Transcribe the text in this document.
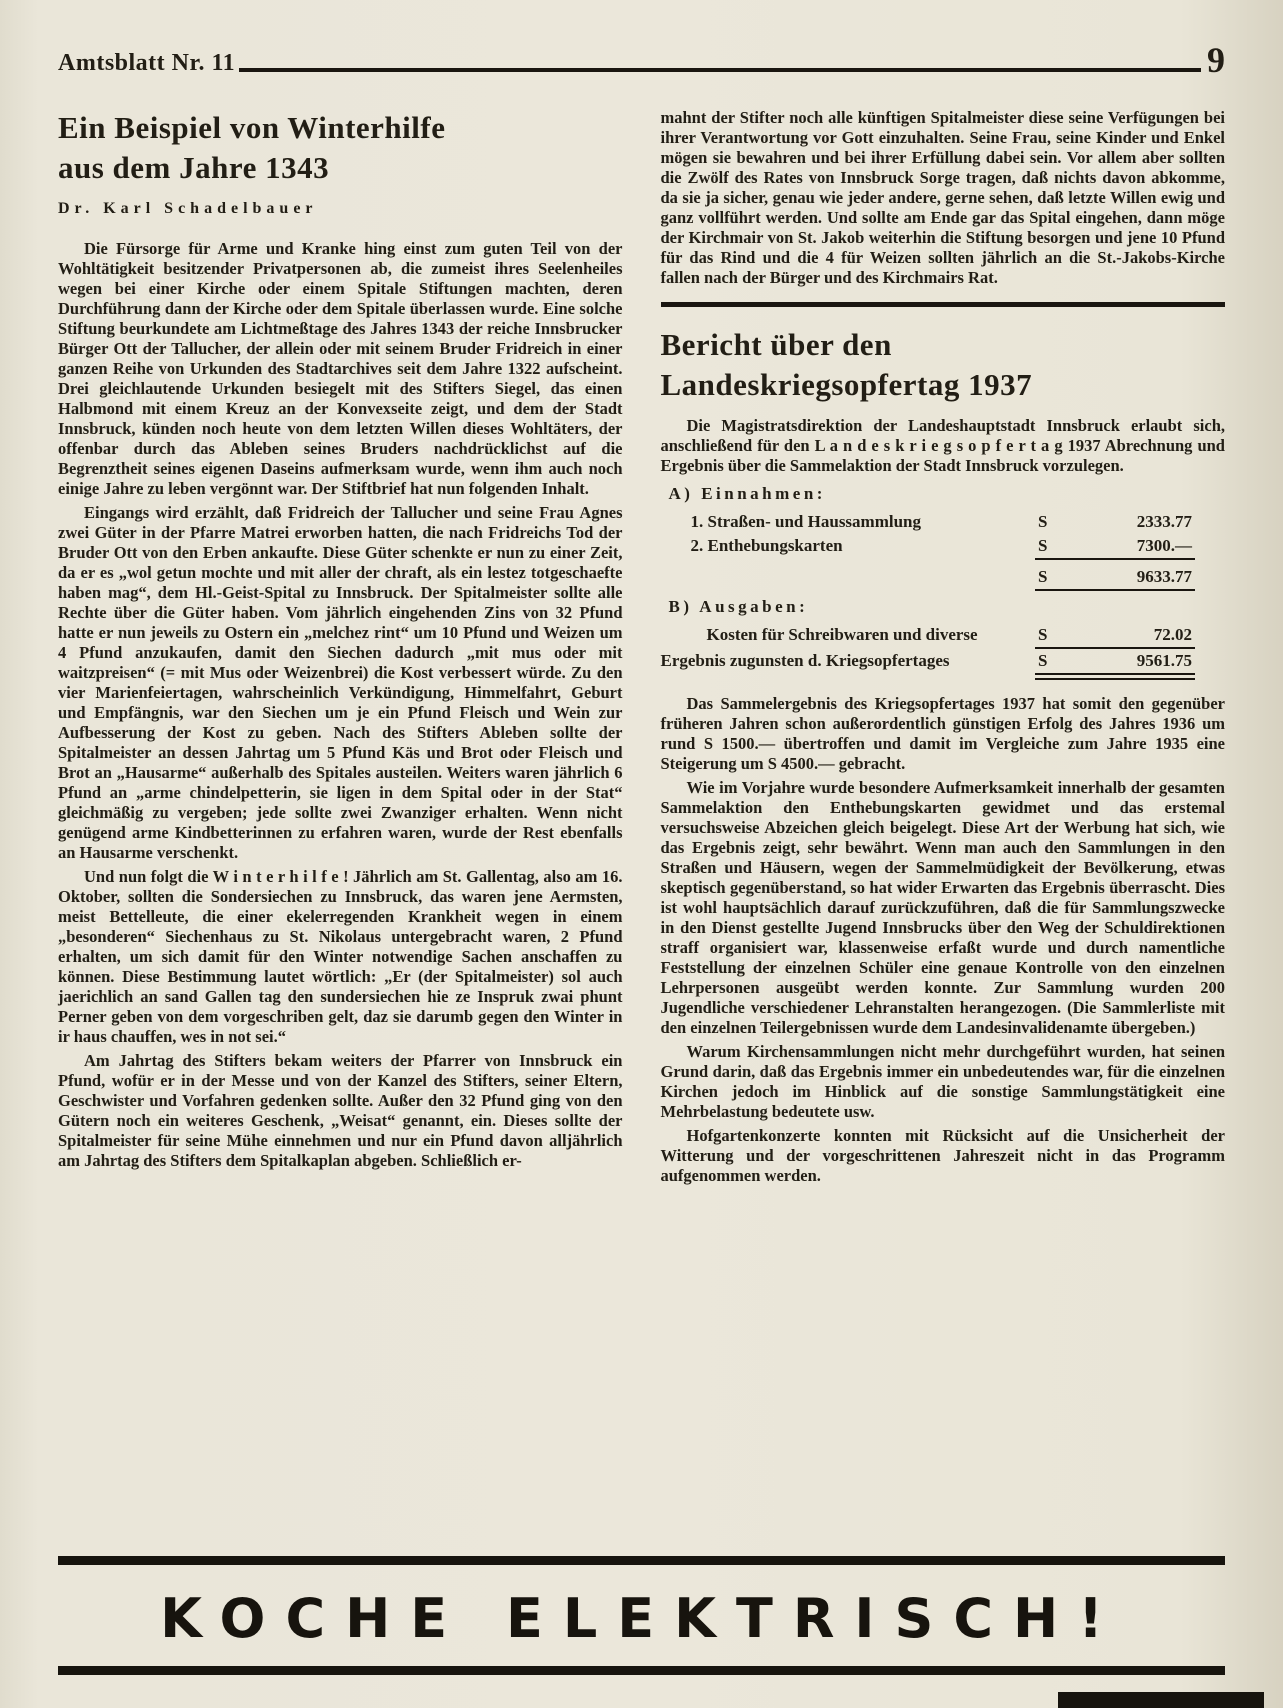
Amtsblatt Nr. 11	9
Ein Beispiel von Winterhilfe
aus dem Jahre 1343
Dr. Karl Schadelbauer

Die Fürsorge für Arme und Kranke hing einst zum guten Teil von der Wohltätigkeit besitzender Privatpersonen ab, die zumeist ihres Seelenheiles wegen bei einer Kirche oder einem Spitale Stiftungen machten, deren Durchführung dann der Kirche oder dem Spitale überlassen wurde. Eine solche Stiftung beurkundete am Lichtmeßtage des Jahres 1343 der reiche Innsbrucker Bürger Ott der Tallucher, der allein oder mit seinem Bruder Fridreich in einer ganzen Reihe von Urkunden des Stadtarchives seit dem Jahre 1322 aufscheint. Drei gleichlautende Urkunden besiegelt mit des Stifters Siegel, das einen Halbmond mit einem Kreuz an der Konvexseite zeigt, und dem der Stadt Innsbruck, künden noch heute von dem letzten Willen dieses Wohltäters, der offenbar durch das Ableben seines Bruders nachdrücklichst auf die Begrenztheit seines eigenen Daseins aufmerksam wurde, wenn ihm auch noch einige Jahre zu leben vergönnt war. Der Stiftbrief hat nun folgenden Inhalt.

Eingangs wird erzählt, daß Fridreich der Tallucher und seine Frau Agnes zwei Güter in der Pfarre Matrei erworben hatten, die nach Fridreichs Tod der Bruder Ott von den Erben ankaufte. Diese Güter schenkte er nun zu einer Zeit, da er es „wol getun mochte und mit aller der chraft, als ein lestez totgeschaefte haben mag“, dem Hl.-Geist-Spital zu Innsbruck. Der Spitalmeister sollte alle Rechte über die Güter haben. Vom jährlich eingehenden Zins von 32 Pfund hatte er nun jeweils zu Ostern ein „melchez rint“ um 10 Pfund und Weizen um 4 Pfund anzukaufen, damit den Siechen dadurch „mit mus oder mit waitzpreisen“ (= mit Mus oder Weizenbrei) die Kost verbessert würde. Zu den vier Marienfeiertagen, wahrscheinlich Verkündigung, Himmelfahrt, Geburt und Empfängnis, war den Siechen um je ein Pfund Fleisch und Wein zur Aufbesserung der Kost zu geben. Nach des Stifters Ableben sollte der Spitalmeister an dessen Jahrtag um 5 Pfund Käs und Brot oder Fleisch und Brot an „Hausarme“ außerhalb des Spitales austeilen. Weiters waren jährlich 6 Pfund an „arme chindelpetterin, sie ligen in dem Spital oder in der Stat“ gleichmäßig zu vergeben; jede sollte zwei Zwanziger erhalten. Wenn nicht genügend arme Kindbetterinnen zu erfahren waren, wurde der Rest ebenfalls an Hausarme verschenkt.

Und nun folgt die W i n t e r h i l f e ! Jährlich am St. Gallentag, also am 16. Oktober, sollten die Sondersiechen zu Innsbruck, das waren jene Aermsten, meist Bettelleute, die einer ekelerregenden Krankheit wegen in einem „besonderen“ Siechenhaus zu St. Nikolaus untergebracht waren, 2 Pfund erhalten, um sich damit für den Winter notwendige Sachen anschaffen zu können. Diese Bestimmung lautet wörtlich: „Er (der Spitalmeister) sol auch jaerichlich an sand Gallen tag den sundersiechen hie ze Inspruk zwai phunt Perner geben von dem vorgeschriben gelt, daz sie darumb gegen den Winter in ir haus chauffen, wes in not sei.“

Am Jahrtag des Stifters bekam weiters der Pfarrer von Innsbruck ein Pfund, wofür er in der Messe und von der Kanzel des Stifters, seiner Eltern, Geschwister und Vorfahren gedenken sollte. Außer den 32 Pfund ging von den Gütern noch ein weiteres Geschenk, „Weisat“ genannt, ein. Dieses sollte der Spitalmeister für seine Mühe einnehmen und nur ein Pfund davon alljährlich am Jahrtag des Stifters dem Spitalkaplan abgeben. Schließlich er-

mahnt der Stifter noch alle künftigen Spitalmeister diese seine Verfügungen bei ihrer Verantwortung vor Gott einzuhalten. Seine Frau, seine Kinder und Enkel mögen sie bewahren und bei ihrer Erfüllung dabei sein. Vor allem aber sollten die Zwölf des Rates von Innsbruck Sorge tragen, daß nichts davon abkomme, da sie ja sicher, genau wie jeder andere, gerne sehen, daß letzte Willen ewig und ganz vollführt werden. Und sollte am Ende gar das Spital eingehen, dann möge der Kirchmair von St. Jakob weiterhin die Stiftung besorgen und jene 10 Pfund für das Rind und die 4 für Weizen sollten jährlich an die St.-Jakobs-Kirche fallen nach der Bürger und des Kirchmairs Rat.

Bericht über den
Landeskriegsopfertag 1937

Die Magistratsdirektion der Landeshauptstadt Innsbruck erlaubt sich, anschließend für den L a n d e s k r i e g s o p f e r t a g 1937 Abrechnung und Ergebnis über die Sammelaktion der Stadt Innsbruck vorzulegen.

A) Einnahmen:
1. Straßen- und Haussammlung	S	2333.77
2. Enthebungskarten	S	7300.—
S	9633.77
B) Ausgaben:
Kosten für Schreibwaren und diverse	S	72.02
Ergebnis zugunsten d. Kriegsopfertages	S	9561.75

Das Sammelergebnis des Kriegsopfertages 1937 hat somit den gegenüber früheren Jahren schon außerordentlich günstigen Erfolg des Jahres 1936 um rund S 1500.— übertroffen und damit im Vergleiche zum Jahre 1935 eine Steigerung um S 4500.— gebracht.

Wie im Vorjahre wurde besondere Aufmerksamkeit innerhalb der gesamten Sammelaktion den Enthebungskarten gewidmet und das erstemal versuchsweise Abzeichen gleich beigelegt. Diese Art der Werbung hat sich, wie das Ergebnis zeigt, sehr bewährt. Wenn man auch den Sammlungen in den Straßen und Häusern, wegen der Sammelmüdigkeit der Bevölkerung, etwas skeptisch gegenüberstand, so hat wider Erwarten das Ergebnis überrascht. Dies ist wohl hauptsächlich darauf zurückzuführen, daß die für Sammlungszwecke in den Dienst gestellte Jugend Innsbrucks über den Weg der Schuldirektionen straff organisiert war, klassenweise erfaßt wurde und durch namentliche Feststellung der einzelnen Schüler eine genaue Kontrolle von den einzelnen Lehrpersonen ausgeübt werden konnte. Zur Sammlung wurden 200 Jugendliche verschiedener Lehranstalten herangezogen. (Die Sammlerliste mit den einzelnen Teilergebnissen wurde dem Landesinvalidenamte übergeben.)

Warum Kirchensammlungen nicht mehr durchgeführt wurden, hat seinen Grund darin, daß das Ergebnis immer ein unbedeutendes war, für die einzelnen Kirchen jedoch im Hinblick auf die sonstige Sammlungstätigkeit eine Mehrbelastung bedeutete usw.

Hofgartenkonzerte konnten mit Rücksicht auf die Unsicherheit der Witterung und der vorgeschrittenen Jahreszeit nicht in das Programm aufgenommen werden.

KOCHE ELEKTRISCH!
